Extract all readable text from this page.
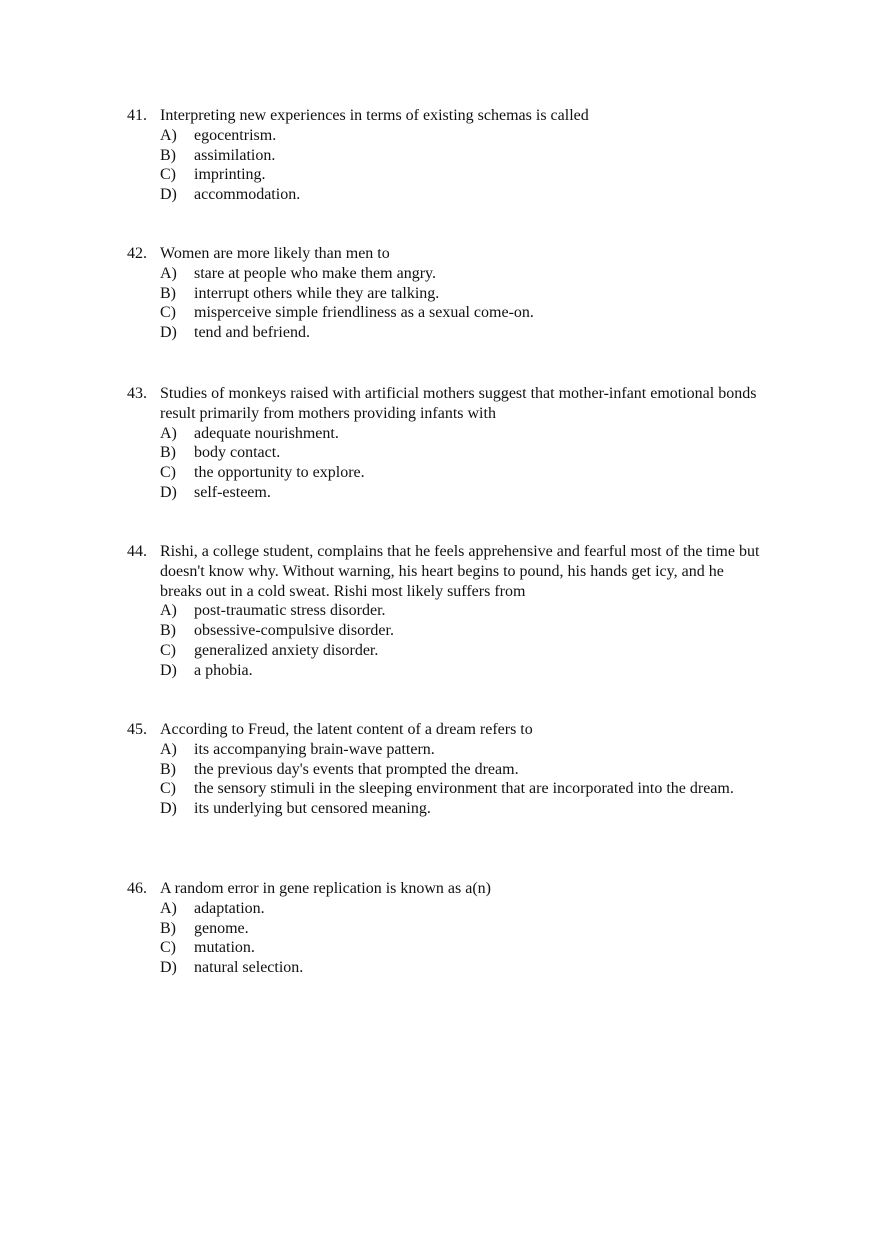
41. Interpreting new experiences in terms of existing schemas is called
A)	egocentrism.
B)	assimilation.
C)	imprinting.
D)	accommodation.
42. Women are more likely than men to
A)	stare at people who make them angry.
B)	interrupt others while they are talking.
C)	misperceive simple friendliness as a sexual come-on.
D)	tend and befriend.
43. Studies of monkeys raised with artificial mothers suggest that mother-infant emotional bonds result primarily from mothers providing infants with
A)	adequate nourishment.
B)	body contact.
C)	the opportunity to explore.
D)	self-esteem.
44. Rishi, a college student, complains that he feels apprehensive and fearful most of the time but doesn't know why. Without warning, his heart begins to pound, his hands get icy, and he breaks out in a cold sweat. Rishi most likely suffers from
A)	post-traumatic stress disorder.
B)	obsessive-compulsive disorder.
C)	generalized anxiety disorder.
D)	a phobia.
45. According to Freud, the latent content of a dream refers to
A)	its accompanying brain-wave pattern.
B)	the previous day's events that prompted the dream.
C)	the sensory stimuli in the sleeping environment that are incorporated into the dream.
D)	its underlying but censored meaning.
46. A random error in gene replication is known as a(n)
A)	adaptation.
B)	genome.
C)	mutation.
D)	natural selection.
